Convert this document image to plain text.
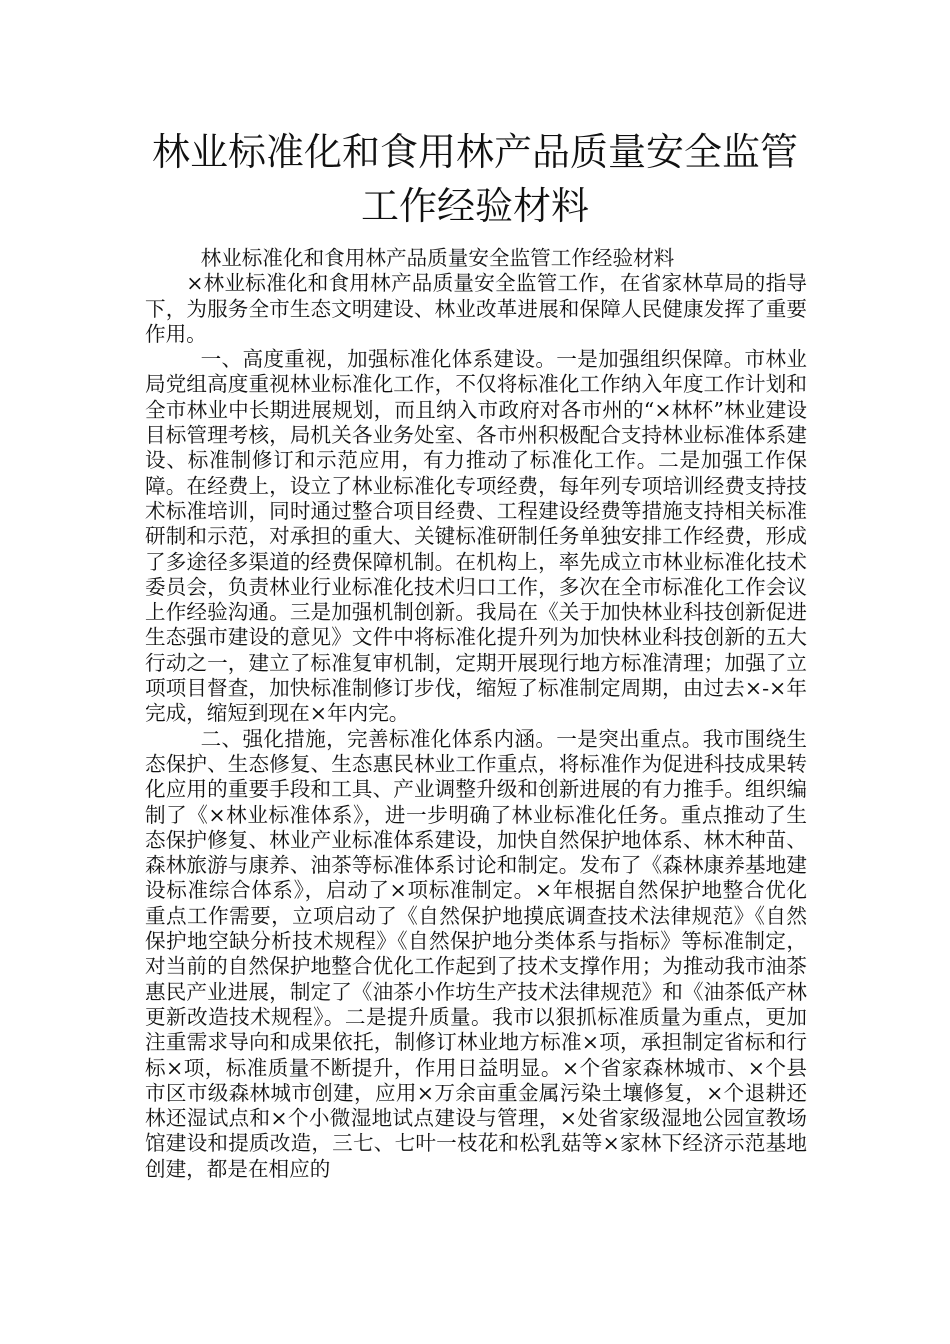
林业标准化和食用林产品质量安全监管工作经验材料

林业标准化和食用林产品质量安全监管工作经验材料

×林业标准化和食用林产品质量安全监管工作，在省家林草局的指导下，为服务全市生态文明建设、林业改革进展和保障人民健康发挥了重要作用。

一、高度重视，加强标准化体系建设。一是加强组织保障。市林业局党组高度重视林业标准化工作，不仅将标准化工作纳入年度工作计划和全市林业中长期进展规划，而且纳入市政府对各市州的“×林杯”林业建设目标管理考核，局机关各业务处室、各市州积极配合支持林业标准体系建设、标准制修订和示范应用，有力推动了标准化工作。二是加强工作保障。在经费上，设立了林业标准化专项经费，每年列专项培训经费支持技术标准培训，同时通过整合项目经费、工程建设经费等措施支持相关标准研制和示范，对承担的重大、关键标准研制任务单独安排工作经费，形成了多途径多渠道的经费保障机制。在机构上，率先成立市林业标准化技术委员会，负责林业行业标准化技术归口工作，多次在全市标准化工作会议上作经验沟通。三是加强机制创新。我局在《关于加快林业科技创新促进生态强市建设的意见》文件中将标准化提升列为加快林业科技创新的五大行动之一，建立了标准复审机制，定期开展现行地方标准清理；加强了立项项目督查，加快标准制修订步伐，缩短了标准制定周期，由过去×-×年完成，缩短到现在×年内完。

二、强化措施，完善标准化体系内涵。一是突出重点。我市围绕生态保护、生态修复、生态惠民林业工作重点，将标准作为促进科技成果转化应用的重要手段和工具、产业调整升级和创新进展的有力推手。组织编制了《×林业标准体系》，进一步明确了林业标准化任务。重点推动了生态保护修复、林业产业标准体系建设，加快自然保护地体系、林木种苗、森林旅游与康养、油茶等标准体系讨论和制定。发布了《森林康养基地建设标准综合体系》，启动了×项标准制定。×年根据自然保护地整合优化重点工作需要，立项启动了《自然保护地摸底调查技术法律规范》《自然保护地空缺分析技术规程》《自然保护地分类体系与指标》等标准制定，对当前的自然保护地整合优化工作起到了技术支撑作用；为推动我市油茶惠民产业进展，制定了《油茶小作坊生产技术法律规范》和《油茶低产林更新改造技术规程》。二是提升质量。我市以狠抓标准质量为重点，更加注重需求导向和成果依托，制修订林业地方标准×项，承担制定省标和行标×项，标准质量不断提升，作用日益明显。×个省家森林城市、×个县市区市级森林城市创建，应用×万余亩重金属污染土壤修复，×个退耕还林还湿试点和×个小微湿地试点建设与管理，×处省家级湿地公园宣教场馆建设和提质改造，三七、七叶一枝花和松乳菇等×家林下经济示范基地创建，都是在相应的
